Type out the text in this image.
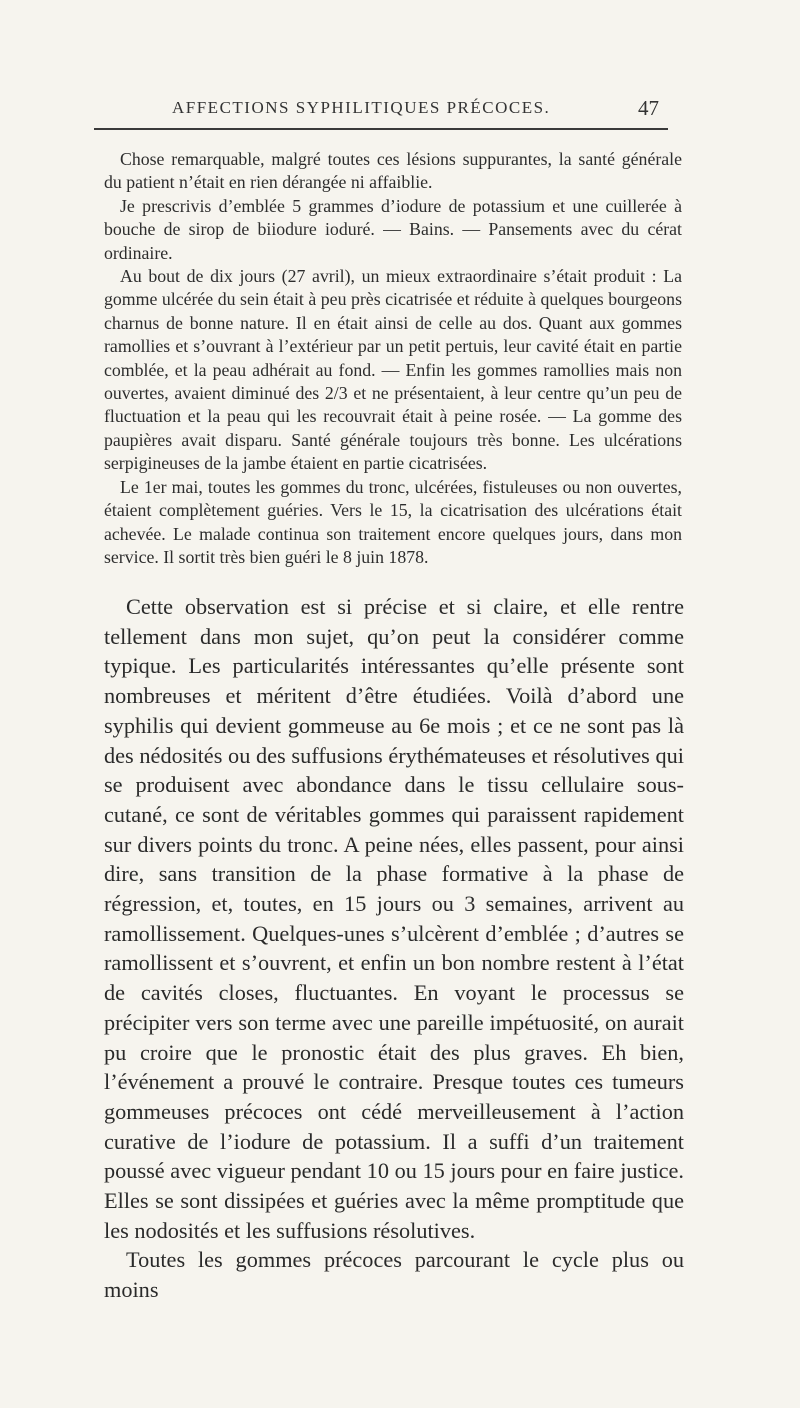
AFFECTIONS SYPHILITIQUES PRÉCOCES.	47

Chose remarquable, malgré toutes ces lésions suppurantes, la santé générale du patient n’était en rien dérangée ni affaiblie.

Je prescrivis d’emblée 5 grammes d’iodure de potassium et une cuillerée à bouche de sirop de biiodure ioduré. — Bains. — Pansements avec du cérat ordinaire.

Au bout de dix jours (27 avril), un mieux extraordinaire s’était produit : La gomme ulcérée du sein était à peu près cicatrisée et réduite à quelques bourgeons charnus de bonne nature. Il en était ainsi de celle au dos. Quant aux gommes ramollies et s’ouvrant à l’extérieur par un petit pertuis, leur cavité était en partie comblée, et la peau adhérait au fond. — Enfin les gommes ramollies mais non ouvertes, avaient diminué des 2/3 et ne présentaient, à leur centre qu’un peu de fluctuation et la peau qui les recouvrait était à peine rosée. — La gomme des paupières avait disparu. Santé générale toujours très bonne. Les ulcérations serpigineuses de la jambe étaient en partie cicatrisées.

Le 1er mai, toutes les gommes du tronc, ulcérées, fistuleuses ou non ouvertes, étaient complètement guéries. Vers le 15, la cicatrisation des ulcérations était achevée. Le malade continua son traitement encore quelques jours, dans mon service. Il sortit très bien guéri le 8 juin 1878.

Cette observation est si précise et si claire, et elle rentre tellement dans mon sujet, qu’on peut la considérer comme typique. Les particularités intéressantes qu’elle présente sont nombreuses et méritent d’être étudiées. Voilà d’abord une syphilis qui devient gommeuse au 6e mois ; et ce ne sont pas là des nédosités ou des suffusions érythémateuses et résolutives qui se produisent avec abondance dans le tissu cellulaire sous-cutané, ce sont de véritables gommes qui paraissent rapidement sur divers points du tronc. A peine nées, elles passent, pour ainsi dire, sans transition de la phase formative à la phase de régression, et, toutes, en 15 jours ou 3 semaines, arrivent au ramollissement. Quelques-unes s’ulcèrent d’emblée ; d’autres se ramollissent et s’ouvrent, et enfin un bon nombre restent à l’état de cavités closes, fluctuantes. En voyant le processus se précipiter vers son terme avec une pareille impétuosité, on aurait pu croire que le pronostic était des plus graves. Eh bien, l’événement a prouvé le contraire. Presque toutes ces tumeurs gommeuses précoces ont cédé merveilleusement à l’action curative de l’iodure de potassium. Il a suffi d’un traitement poussé avec vigueur pendant 10 ou 15 jours pour en faire justice. Elles se sont dissipées et guéries avec la même promptitude que les nodosités et les suffusions résolutives.

Toutes les gommes précoces parcourant le cycle plus ou moins
